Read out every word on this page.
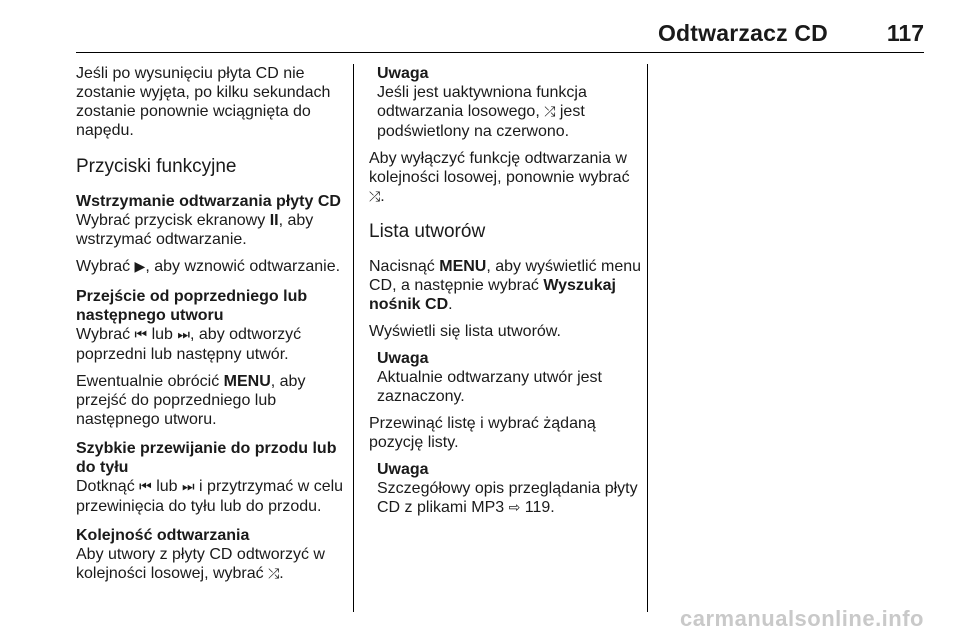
Odtwarzacz CD	117

Jeśli po wysunięciu płyta CD nie zostanie wyjęta, po kilku sekundach zostanie ponownie wciągnięta do napędu.

Przyciski funkcyjne

Wstrzymanie odtwarzania płyty CD

Wybrać przycisk ekranowy II, aby wstrzymać odtwarzanie.

Wybrać ▶, aby wznowić odtwarzanie.

Przejście od poprzedniego lub następnego utworu

Wybrać ⏮ lub ⏭, aby odtworzyć poprzedni lub następny utwór.

Ewentualnie obrócić MENU, aby przejść do poprzedniego lub następnego utworu.

Szybkie przewijanie do przodu lub do tyłu

Dotknąć ⏮ lub ⏭ i przytrzymać w celu przewinięcia do tyłu lub do przodu.

Kolejność odtwarzania

Aby utwory z płyty CD odtworzyć w kolejności losowej, wybrać ⤮.

Uwaga

Jeśli jest uaktywniona funkcja odtwarzania losowego, ⤮ jest podświetlony na czerwono.

Aby wyłączyć funkcję odtwarzania w kolejności losowej, ponownie wybrać ⤮.

Lista utworów

Nacisnąć MENU, aby wyświetlić menu CD, a następnie wybrać Wyszukaj nośnik CD.

Wyświetli się lista utworów.

Uwaga

Aktualnie odtwarzany utwór jest zaznaczony.

Przewinąć listę i wybrać żądaną pozycję listy.

Uwaga

Szczegółowy opis przeglądania płyty CD z plikami MP3 ⇨ 119.

carmanualsonline.info
